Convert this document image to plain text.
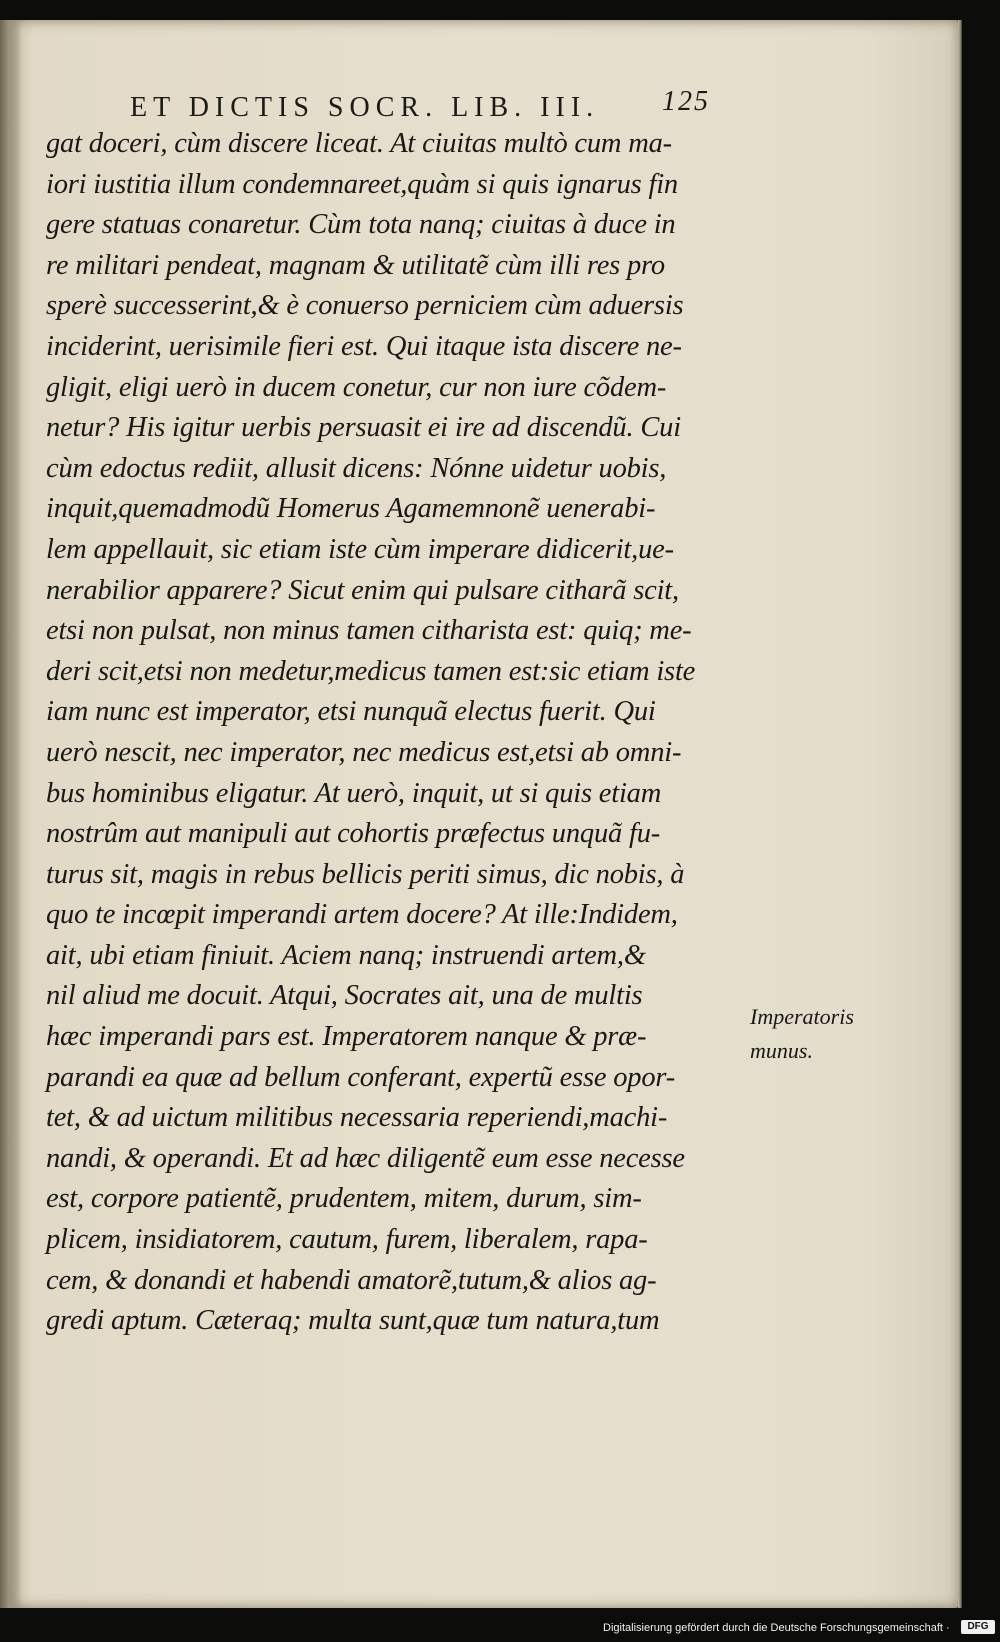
ET DICTIS SOCR. LIB. III. 125
gat doceri, cùm discere liceat. At ciuitas multò cum ma-
iori iustitia illum condemnareet,quàm si quis ignarus fin
gere statuas conaretur. Cùm tota nanq; ciuitas à duce in
re militari pendeat, magnam & utilitatẽ cùm illi res pro
sperè successerint,& è conuerso perniciem cùm aduersis
inciderint, uerisimile fieri est. Qui itaque ista discere ne-
gligit, eligi uerò in ducem conetur, cur non iure cõdem-
netur? His igitur uerbis persuasit ei ire ad discendũ. Cui
cùm edoctus rediit, allusit dicens: Nónne uidetur uobis,
inquit,quemadmodũ Homerus Agamemnonẽ uenerabi-
lem appellauit, sic etiam iste cùm imperare didicerit,ue-
nerabilior apparere? Sicut enim qui pulsare citharã scit,
etsi non pulsat, non minus tamen citharista est: quiq; me-
deri scit,etsi non medetur,medicus tamen est:sic etiam iste
iam nunc est imperator, etsi nunquã electus fuerit. Qui
uerò nescit, nec imperator, nec medicus est,etsi ab omni-
bus hominibus eligatur. At uerò, inquit, ut si quis etiam
nostrûm aut manipuli aut cohortis præfectus unquã fu-
turus sit, magis in rebus bellicis periti simus, dic nobis, à
quo te incœpit imperandi artem docere? At ille:Indidem,
ait, ubi etiam finiuit. Aciem nanq; instruendi artem,&
nil aliud me docuit. Atqui, Socrates ait, una de multis
hæc imperandi pars est. Imperatorem nanque & præ-
parandi ea quæ ad bellum conferant, expertũ esse opor-
tet, & ad uictum militibus necessaria reperiendi,machi-
nandi, & operandi. Et ad hæc diligentẽ eum esse necesse
est, corpore patientẽ, prudentem, mitem, durum, sim-
plicem, insidiatorem, cautum, furem, liberalem, rapa-
cem, & donandi et habendi amatorẽ,tutum,& alios ag-
gredi aptum. Cæteraq; multa sunt,quæ tum natura,tum
Imperatoris
munus.
Digitalisierung gefördert durch die Deutsche Forschungsgemeinschaft ·	DFG
